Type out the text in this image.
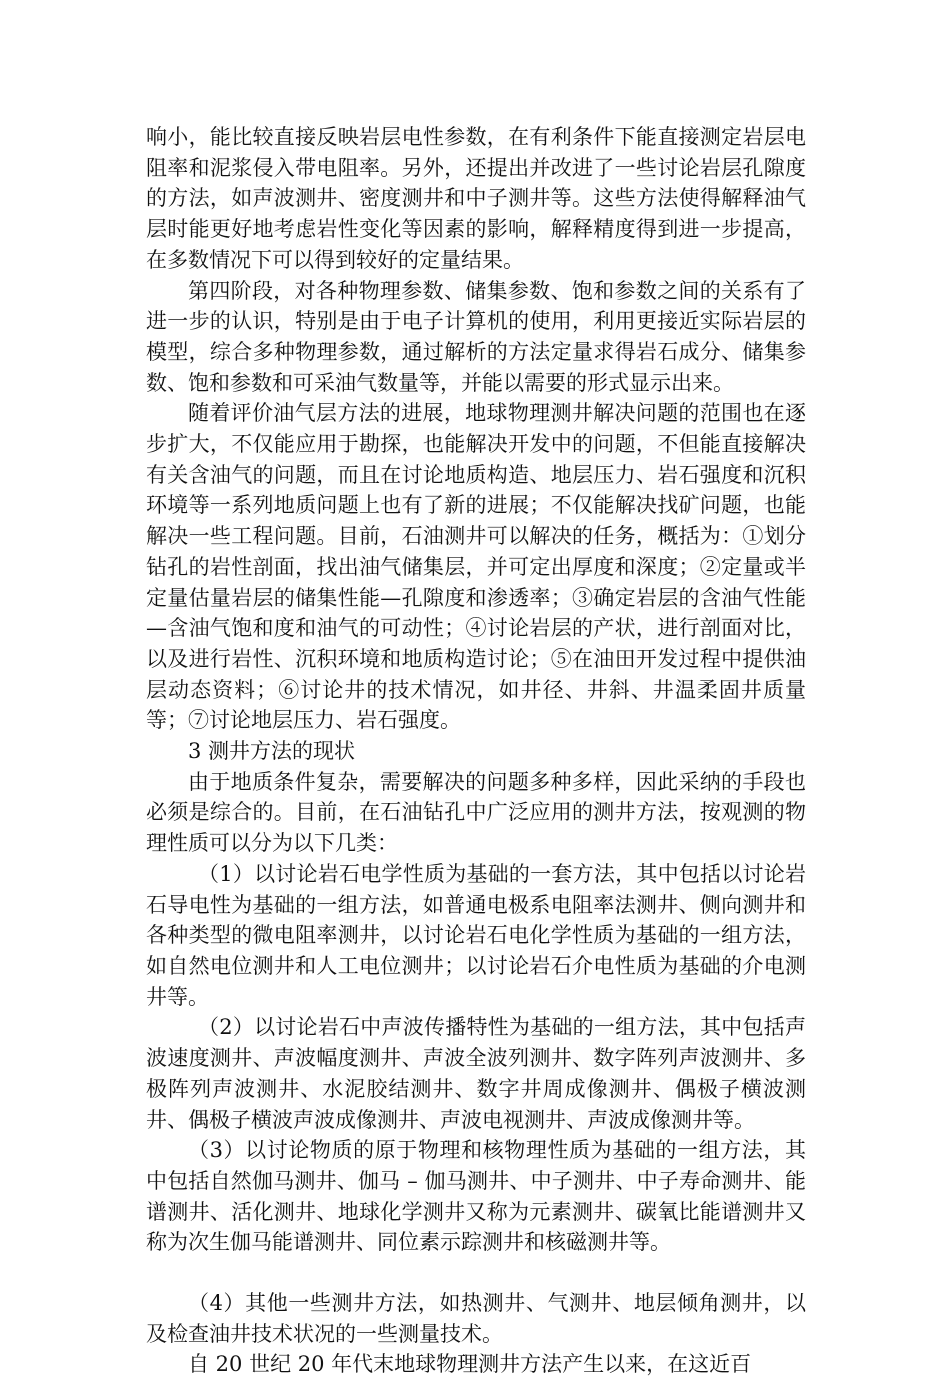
响小，能比较直接反映岩层电性参数，在有利条件下能直接测定岩层电阻率和泥浆侵入带电阻率。另外，还提出并改进了一些讨论岩层孔隙度的方法，如声波测井、密度测井和中子测井等。这些方法使得解释油气层时能更好地考虑岩性变化等因素的影响，解释精度得到进一步提高，在多数情况下可以得到较好的定量结果。

第四阶段，对各种物理参数、储集参数、饱和参数之间的关系有了进一步的认识，特别是由于电子计算机的使用，利用更接近实际岩层的模型，综合多种物理参数，通过解析的方法定量求得岩石成分、储集参数、饱和参数和可采油气数量等，并能以需要的形式显示出来。

随着评价油气层方法的进展，地球物理测井解决问题的范围也在逐步扩大，不仅能应用于勘探，也能解决开发中的问题，不但能直接解决有关含油气的问题，而且在讨论地质构造、地层压力、岩石强度和沉积环境等一系列地质问题上也有了新的进展；不仅能解决找矿问题，也能解决一些工程问题。目前，石油测井可以解决的任务，概括为：①划分钻孔的岩性剖面，找出油气储集层，并可定出厚度和深度；②定量或半定量估量岩层的储集性能—孔隙度和渗透率；③确定岩层的含油气性能—含油气饱和度和油气的可动性；④讨论岩层的产状，进行剖面对比，以及进行岩性、沉积环境和地质构造讨论；⑤在油田开发过程中提供油层动态资料；⑥讨论井的技术情况，如井径、井斜、井温柔固井质量等；⑦讨论地层压力、岩石强度。

3 测井方法的现状

由于地质条件复杂，需要解决的问题多种多样，因此采纳的手段也必须是综合的。目前，在石油钻孔中广泛应用的测井方法，按观测的物理性质可以分为以下几类：

（1）以讨论岩石电学性质为基础的一套方法，其中包括以讨论岩石导电性为基础的一组方法，如普通电极系电阻率法测井、侧向测井和各种类型的微电阻率测井，以讨论岩石电化学性质为基础的一组方法，如自然电位测井和人工电位测井；以讨论岩石介电性质为基础的介电测井等。

（2）以讨论岩石中声波传播特性为基础的一组方法，其中包括声波速度测井、声波幅度测井、声波全波列测井、数字阵列声波测井、多极阵列声波测井、水泥胶结测井、数字井周成像测井、偶极子横波测井、偶极子横波声波成像测井、声波电视测井、声波成像测井等。

（3）以讨论物质的原于物理和核物理性质为基础的一组方法，其中包括自然伽马测井、伽马 – 伽马测井、中子测井、中子寿命测井、能谱测井、活化测井、地球化学测井又称为元素测井、碳氧比能谱测井又称为次生伽马能谱测井、同位素示踪测井和核磁测井等。

（4）其他一些测井方法，如热测井、气测井、地层倾角测井，以及检查油井技术状况的一些测量技术。

自 20 世纪 20 年代末地球物理测井方法产生以来，在这近百
